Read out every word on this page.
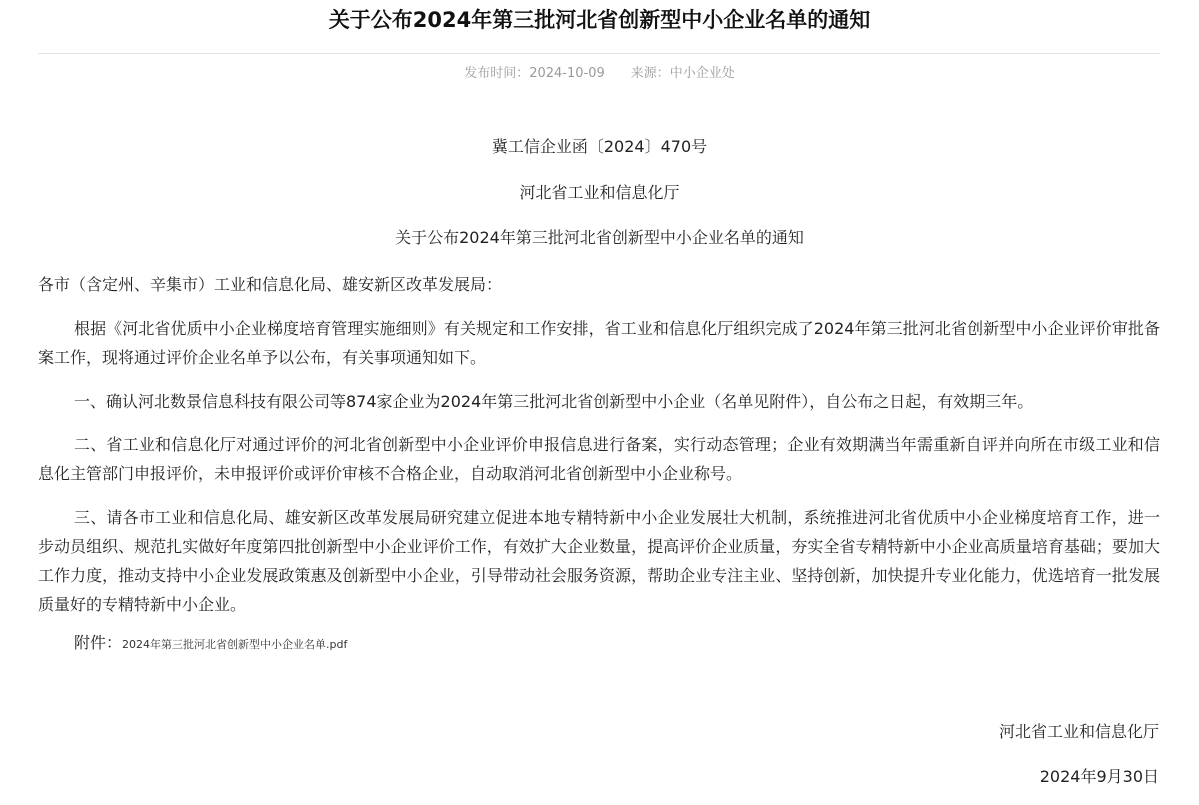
关于公布2024年第三批河北省创新型中小企业名单的通知
发布时间：2024-10-09 来源：中小企业处
冀工信企业函〔2024〕470号
河北省工业和信息化厅
关于公布2024年第三批河北省创新型中小企业名单的通知
各市（含定州、辛集市）工业和信息化局、雄安新区改革发展局：
根据《河北省优质中小企业梯度培育管理实施细则》有关规定和工作安排，省工业和信息化厅组织完成了2024年第三批河北省创新型中小企业评价审批备案工作，现将通过评价企业名单予以公布，有关事项通知如下。
一、确认河北数景信息科技有限公司等874家企业为2024年第三批河北省创新型中小企业（名单见附件），自公布之日起，有效期三年。
二、省工业和信息化厅对通过评价的河北省创新型中小企业评价申报信息进行备案，实行动态管理；企业有效期满当年需重新自评并向所在市级工业和信息化主管部门申报评价，未申报评价或评价审核不合格企业，自动取消河北省创新型中小企业称号。
三、请各市工业和信息化局、雄安新区改革发展局研究建立促进本地专精特新中小企业发展壮大机制，系统推进河北省优质中小企业梯度培育工作，进一步动员组织、规范扎实做好年度第四批创新型中小企业评价工作，有效扩大企业数量，提高评价企业质量，夯实全省专精特新中小企业高质量培育基础；要加大工作力度，推动支持中小企业发展政策惠及创新型中小企业，引导带动社会服务资源，帮助企业专注主业、坚持创新，加快提升专业化能力，优选培育一批发展质量好的专精特新中小企业。
附件：2024年第三批河北省创新型中小企业名单.pdf
河北省工业和信息化厅
2024年9月30日
